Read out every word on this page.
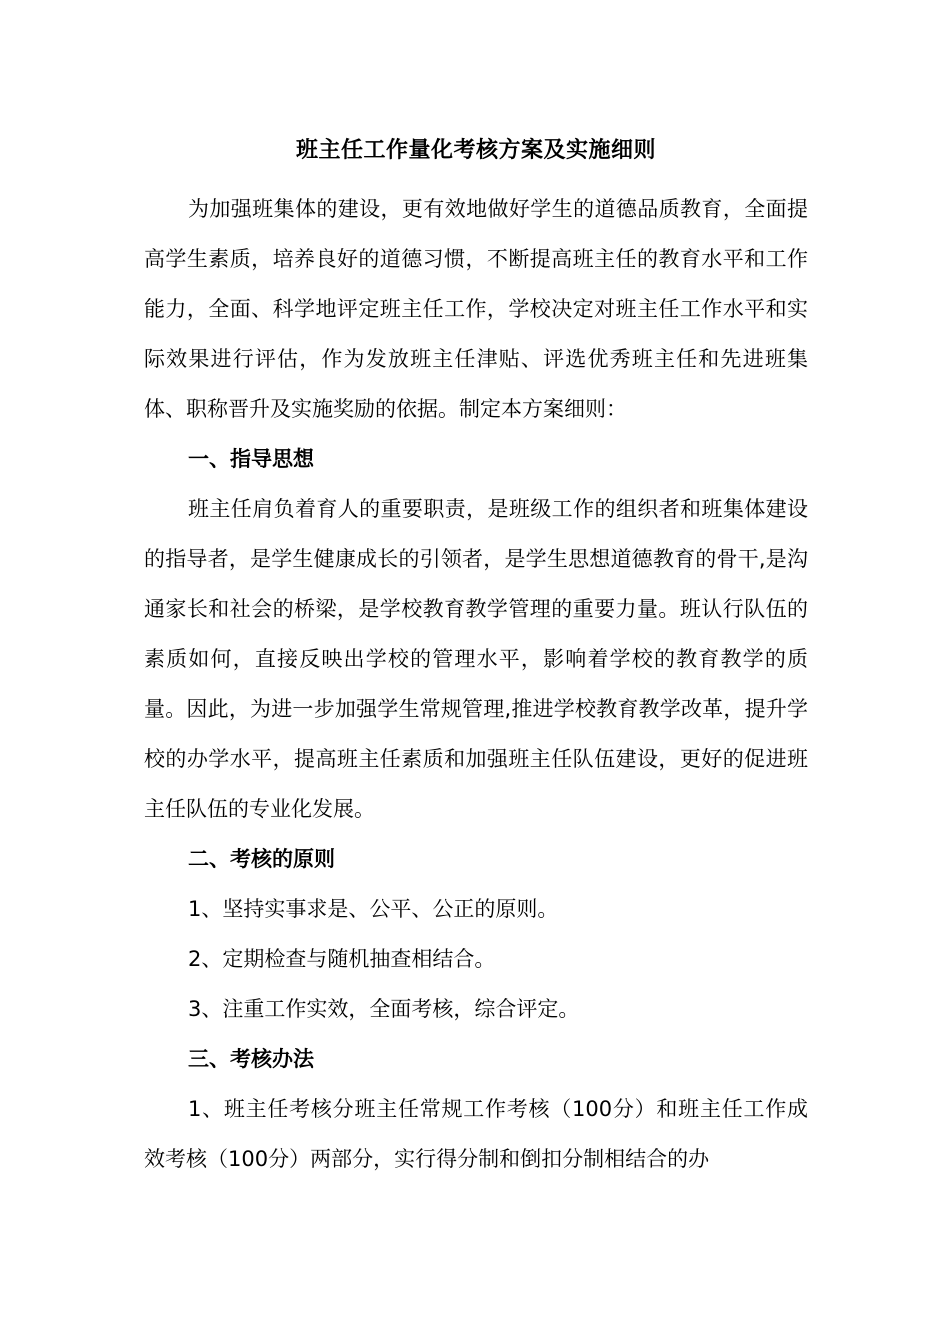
班主任工作量化考核方案及实施细则

为加强班集体的建设，更有效地做好学生的道德品质教育，全面提高学生素质，培养良好的道德习惯，不断提高班主任的教育水平和工作能力，全面、科学地评定班主任工作，学校决定对班主任工作水平和实际效果进行评估，作为发放班主任津贴、评选优秀班主任和先进班集体、职称晋升及实施奖励的依据。制定本方案细则：

一、指导思想

班主任肩负着育人的重要职责，是班级工作的组织者和班集体建设的指导者，是学生健康成长的引领者，是学生思想道德教育的骨干,是沟通家长和社会的桥梁，是学校教育教学管理的重要力量。班认行队伍的素质如何，直接反映出学校的管理水平，影响着学校的教育教学的质量。因此，为进一步加强学生常规管理,推进学校教育教学改革，提升学校的办学水平，提高班主任素质和加强班主任队伍建设，更好的促进班主任队伍的专业化发展。

二、考核的原则

1、坚持实事求是、公平、公正的原则。

2、定期检查与随机抽查相结合。

3、注重工作实效，全面考核，综合评定。

三、考核办法

1、班主任考核分班主任常规工作考核（100分）和班主任工作成效考核（100分）两部分，实行得分制和倒扣分制相结合的办
